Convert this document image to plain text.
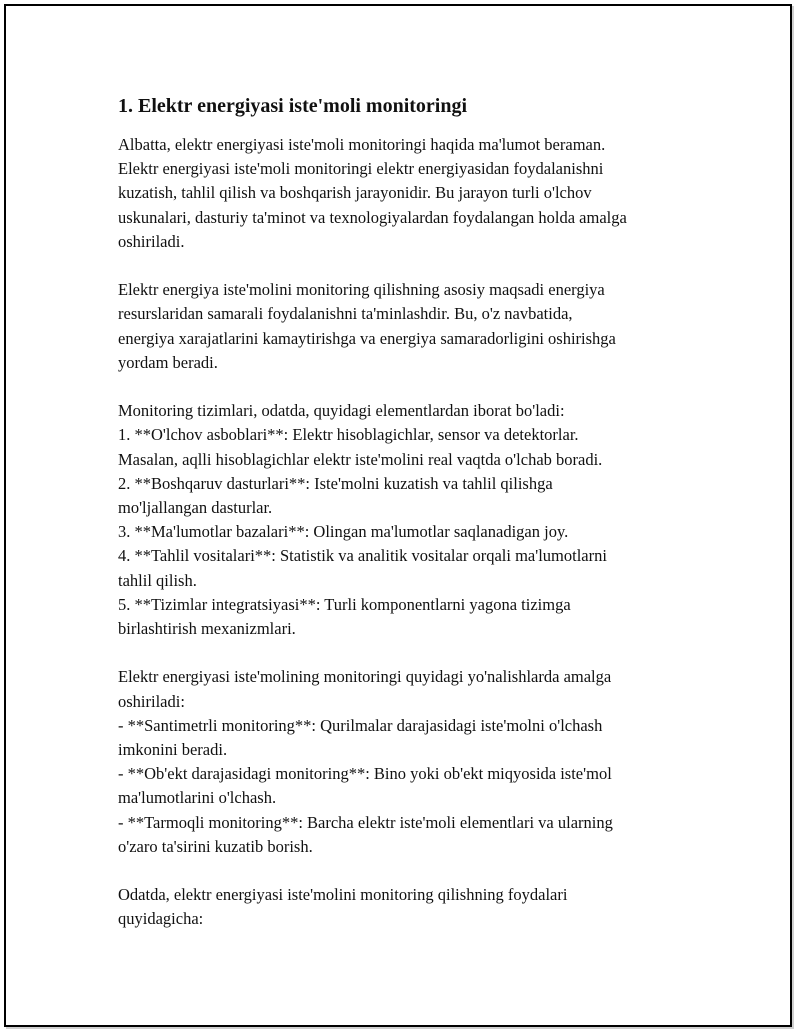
1. Elektr energiyasi iste'moli monitoringi
Albatta, elektr energiyasi iste'moli monitoringi haqida ma'lumot beraman.
Elektr energiyasi iste'moli monitoringi elektr energiyasidan foydalanishni
kuzatish, tahlil qilish va boshqarish jarayonidir. Bu jarayon turli o'lchov
uskunalari, dasturiy ta'minot va texnologiyalardan foydalangan holda amalga
oshiriladi.
Elektr energiya iste'molini monitoring qilishning asosiy maqsadi energiya
resurslaridan samarali foydalanishni ta'minlashdir. Bu, o'z navbatida,
energiya xarajatlarini kamaytirishga va energiya samaradorligini oshirishga
yordam beradi.
Monitoring tizimlari, odatda, quyidagi elementlardan iborat bo'ladi:
1. **O'lchov asboblari**: Elektr hisoblagichlar, sensor va detektorlar.
Masalan, aqlli hisoblagichlar elektr iste'molini real vaqtda o'lchab boradi.
2. **Boshqaruv dasturlari**: Iste'molni kuzatish va tahlil qilishga
mo'ljallangan dasturlar.
3. **Ma'lumotlar bazalari**: Olingan ma'lumotlar saqlanadigan joy.
4. **Tahlil vositalari**: Statistik va analitik vositalar orqali ma'lumotlarni
tahlil qilish.
5. **Tizimlar integratsiyasi**: Turli komponentlarni yagona tizimga
birlashtirish mexanizmlari.
Elektr energiyasi iste'molining monitoringi quyidagi yo'nalishlarda amalga
oshiriladi:
- **Santimetrli monitoring**: Qurilmalar darajasidagi iste'molni o'lchash
imkonini beradi.
- **Ob'ekt darajasidagi monitoring**: Bino yoki ob'ekt miqyosida iste'mol
ma'lumotlarini o'lchash.
- **Tarmoqli monitoring**: Barcha elektr iste'moli elementlari va ularning
o'zaro ta'sirini kuzatib borish.
Odatda, elektr energiyasi iste'molini monitoring qilishning foydalari
quyidagicha:
